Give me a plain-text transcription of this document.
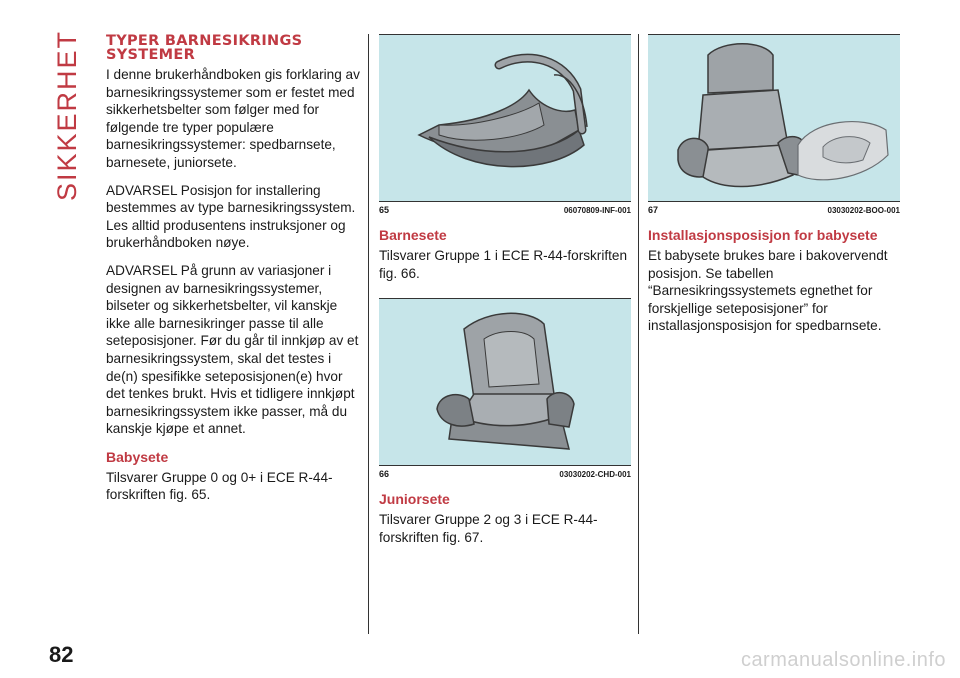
SIKKERHET
82
TYPER BARNESIKRINGS
SYSTEMER

I denne brukerhåndboken gis forklaring av barnesikringssystemer som er festet med sikkerhetsbelter som følger med for følgende tre typer populære barnesikringssystemer: spedbarnsete, barnesete, juniorsete.

ADVARSEL Posisjon for installering bestemmes av type barnesikringssystem. Les alltid produsentens instruksjoner og brukerhåndboken nøye.

ADVARSEL På grunn av variasjoner i designen av barnesikringssystemer, bilseter og sikkerhetsbelter, vil kanskje ikke alle barnesikringer passe til alle seteposisjoner. Før du går til innkjøp av et barnesikringssystem, skal det testes i de(n) spesifikke seteposisjonen(e) hvor det tenkes brukt. Hvis et tidligere innkjøpt barnesikringssystem ikke passer, må du kanskje kjøpe et annet.

Babysete

Tilsvarer Gruppe 0 og 0+ i ECE R-44-forskriften fig. 65.

65	06070809-INF-001
Barnesete

Tilsvarer Gruppe 1 i ECE R-44-forskriften fig. 66.

66	03030202-CHD-001
Juniorsete

Tilsvarer Gruppe 2 og 3 i ECE R-44-forskriften fig. 67.

67	03030202-BOO-001
Installasjonsposisjon for babysete

Et babysete brukes bare i bakovervendt posisjon. Se tabellen “Barnesikringssystemets egnethet for forskjellige seteposisjoner” for installasjonsposisjon for spedbarnsete.

carmanualsonline.info
